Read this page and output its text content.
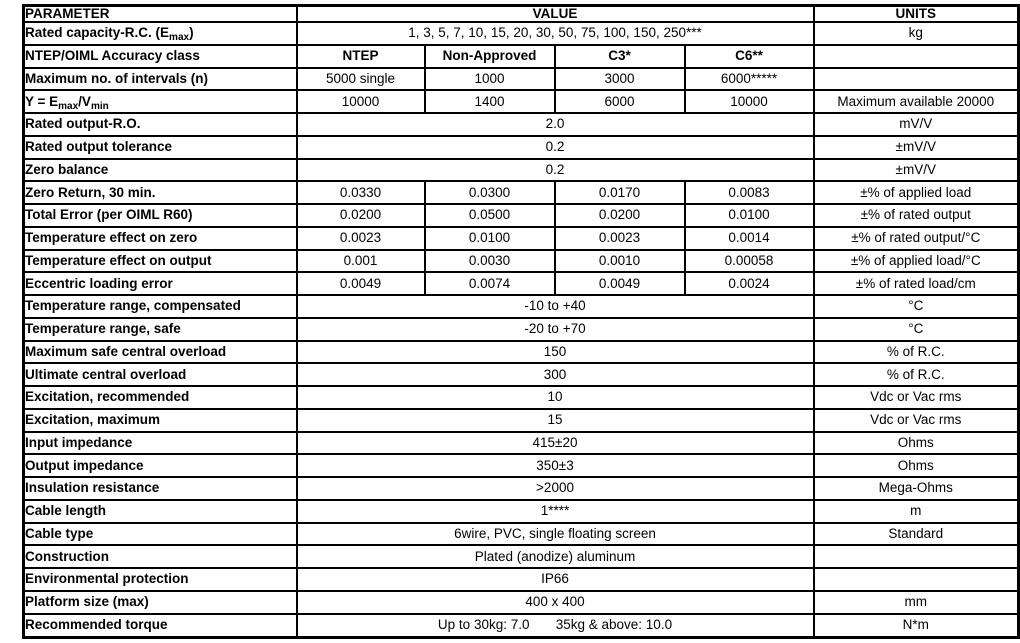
PARAMETER	VALUE				UNITS
Rated capacity-R.C. $(E_{max})$	1, 3, 5, 7, 10, 15, 20, 30, 50, 75, 100, 150, 250***				kg
NTEP/OIML Accuracy class	NTEP	Non-Approved	C3*	C6**	
Maximum no. of intervals (n)	5000 single	1000	3000	6000*****	
$Y = E_{max}/V_{min}$	10000	1400	6000	10000	Maximum available 20000
Rated output-R.O.	2.0				mV/V
Rated output tolerance	0.2				±mV/V
Zero balance	0.2				±mV/V
Zero Return, 30 min.	0.0330	0.0300	0.0170	0.0083	±% of applied load
Total Error (per OIML R60)	0.0200	0.0500	0.0200	0.0100	±% of rated output
Temperature effect on zero	0.0023	0.0100	0.0023	0.0014	±% of rated output/°C
Temperature effect on output	0.001	0.0030	0.0010	0.00058	±% of applied load/°C
Eccentric loading error	0.0049	0.0074	0.0049	0.0024	±% of rated load/cm
Temperature range, compensated	-10 to +40				°C
Temperature range, safe	-20 to +70				°C
Maximum safe central overload	150				% of R.C.
Ultimate central overload	300				% of R.C.
Excitation, recommended	10				Vdc or Vac rms
Excitation, maximum	15				Vdc or Vac rms
Input impedance	415±20				Ohms
Output impedance	350±3				Ohms
Insulation resistance	>2000				Mega-Ohms
Cable length	1****				m
Cable type	6wire, PVC, single floating screen				Standard
Construction	Plated (anodize) aluminum				
Environmental protection	IP66				
Platform size (max)	400 x 400				mm
Recommended torque	Up to 30kg: 7.0       35kg & above: 10.0				N*m
